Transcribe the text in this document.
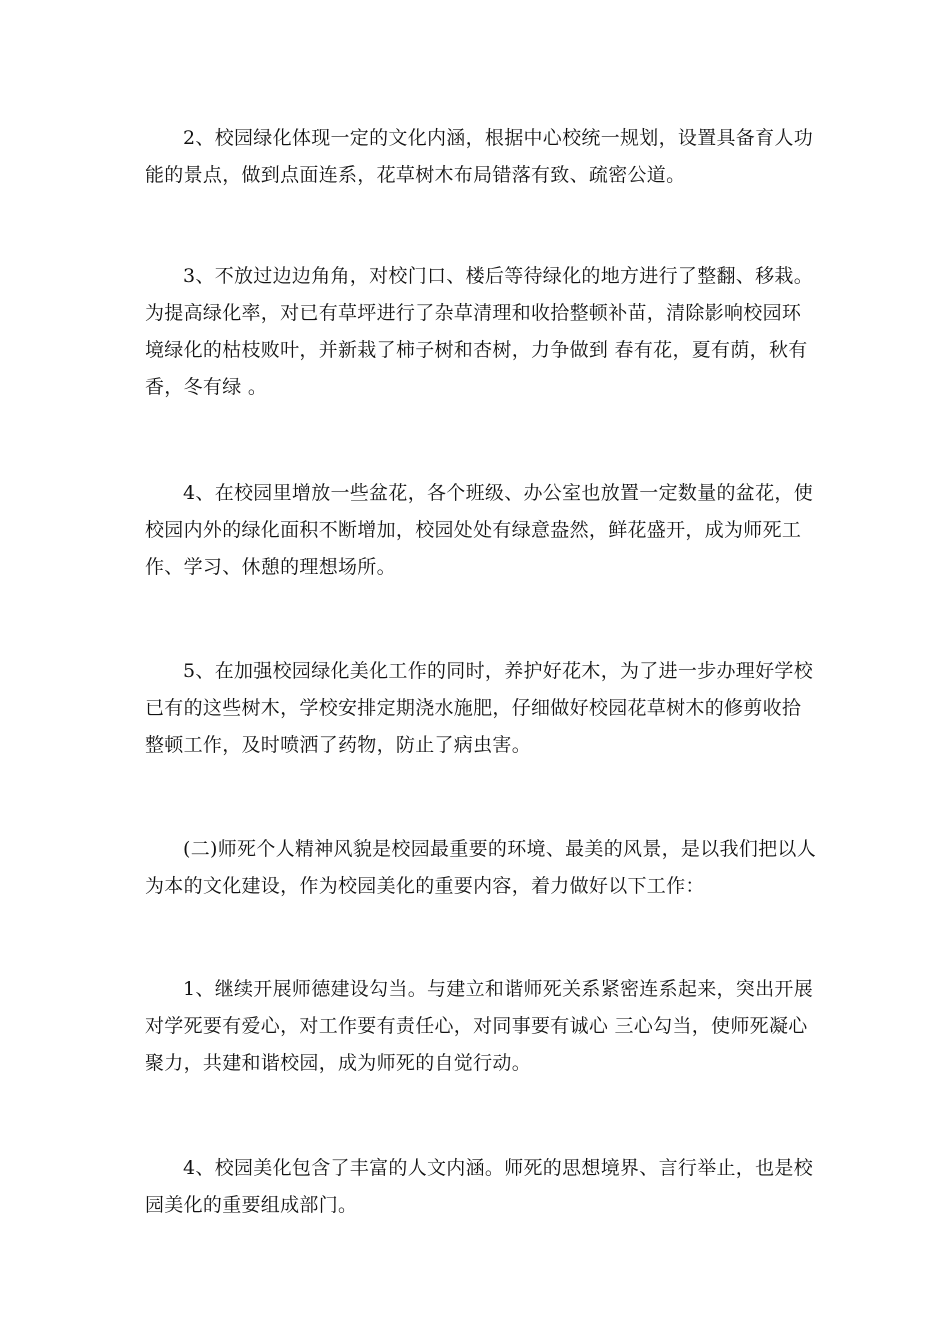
2、校园绿化体现一定的文化内涵，根据中心校统一规划，设置具备育人功
能的景点，做到点面连系，花草树木布局错落有致、疏密公道。

3、不放过边边角角，对校门口、楼后等待绿化的地方进行了整翻、移栽。
为提高绿化率，对已有草坪进行了杂草清理和收拾整顿补苗，清除影响校园环
境绿化的枯枝败叶，并新栽了柿子树和杏树，力争做到 春有花，夏有荫，秋有
香，冬有绿 。

4、在校园里增放一些盆花，各个班级、办公室也放置一定数量的盆花，使
校园内外的绿化面积不断增加，校园处处有绿意盎然，鲜花盛开，成为师死工
作、学习、休憩的理想场所。

5、在加强校园绿化美化工作的同时，养护好花木，为了进一步办理好学校
已有的这些树木，学校安排定期浇水施肥，仔细做好校园花草树木的修剪收拾
整顿工作，及时喷洒了药物，防止了病虫害。

(二)师死个人精神风貌是校园最重要的环境、最美的风景，是以我们把以人
为本的文化建设，作为校园美化的重要内容，着力做好以下工作：

1、继续开展师德建设勾当。与建立和谐师死关系紧密连系起来，突出开展
对学死要有爱心，对工作要有责任心，对同事要有诚心 三心勾当，使师死凝心
聚力，共建和谐校园，成为师死的自觉行动。

4、校园美化包含了丰富的人文内涵。师死的思想境界、言行举止，也是校
园美化的重要组成部门。
